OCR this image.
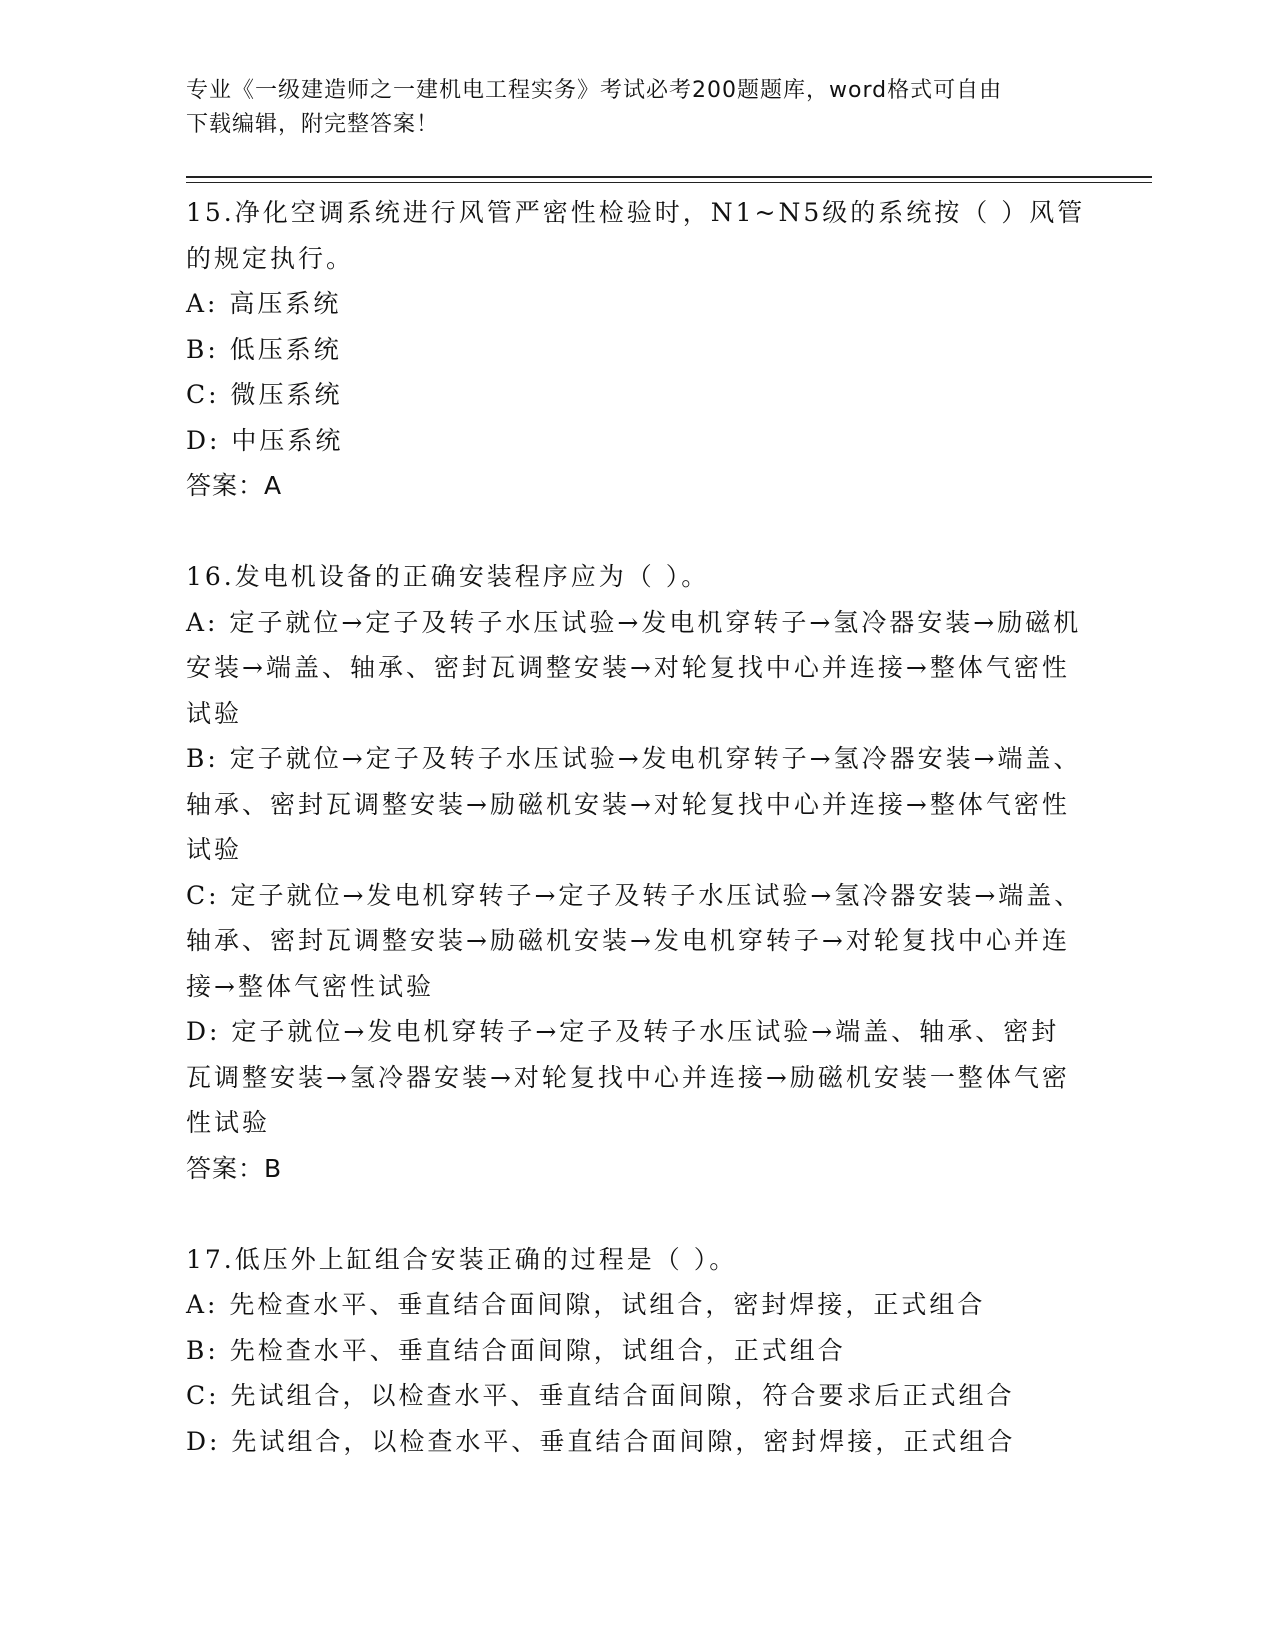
专业《一级建造师之一建机电工程实务》考试必考200题题库，word格式可自由
下载编辑，附完整答案！

15.净化空调系统进行风管严密性检验时，N1~N5级的系统按（ ）风管的规定执行。

A: 高压系统

B: 低压系统

C: 微压系统

D: 中压系统

答案：A

16.发电机设备的正确安装程序应为（ ）。

A: 定子就位→定子及转子水压试验→发电机穿转子→氢冷器安装→励磁机安装→端盖、轴承、密封瓦调整安装→对轮复找中心并连接→整体气密性试验

B: 定子就位→定子及转子水压试验→发电机穿转子→氢冷器安装→端盖、轴承、密封瓦调整安装→励磁机安装→对轮复找中心并连接→整体气密性试验

C: 定子就位→发电机穿转子→定子及转子水压试验→氢冷器安装→端盖、轴承、密封瓦调整安装→励磁机安装→发电机穿转子→对轮复找中心并连接→整体气密性试验

D: 定子就位→发电机穿转子→定子及转子水压试验→端盖、轴承、密封瓦调整安装→氢冷器安装→对轮复找中心并连接→励磁机安装一整体气密性试验

答案：B

17.低压外上缸组合安装正确的过程是（ ）。

A: 先检查水平、垂直结合面间隙，试组合，密封焊接，正式组合

B: 先检查水平、垂直结合面间隙，试组合，正式组合

C: 先试组合，以检查水平、垂直结合面间隙，符合要求后正式组合

D: 先试组合，以检查水平、垂直结合面间隙，密封焊接，正式组合
